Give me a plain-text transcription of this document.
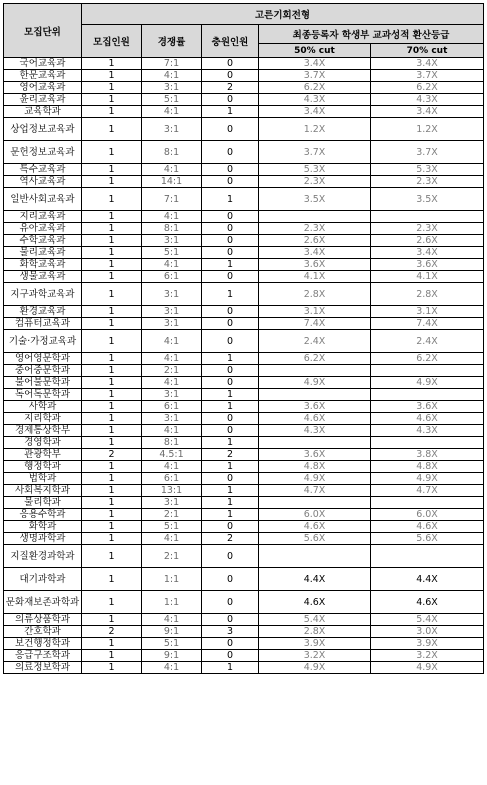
모집단위	고른기회전형				
	모집인원	경쟁률	충원인원	최종등록자 학생부 교과성적 환산등급	
				50% cut	70% cut
국어교육과	1	7:1	0	3.4X	3.4X
한문교육과	1	4:1	0	3.7X	3.7X
영어교육과	1	3:1	2	6.2X	6.2X
윤리교육과	1	5:1	0	4.3X	4.3X
교육학과	1	4:1	1	3.4X	3.4X
상업정보교육과	1	3:1	0	1.2X	1.2X
문헌정보교육과	1	8:1	0	3.7X	3.7X
특수교육과	1	4:1	0	5.3X	5.3X
역사교육과	1	14:1	0	2.3X	2.3X
일반사회교육과	1	7:1	1	3.5X	3.5X
지리교육과	1	4:1	0		
유아교육과	1	8:1	0	2.3X	2.3X
수학교육과	1	3:1	0	2.6X	2.6X
물리교육과	1	5:1	0	3.4X	3.4X
화학교육과	1	4:1	1	3.6X	3.6X
생물교육과	1	6:1	0	4.1X	4.1X
지구과학교육과	1	3:1	1	2.8X	2.8X
환경교육과	1	3:1	0	3.1X	3.1X
컴퓨터교육과	1	3:1	0	7.4X	7.4X
기술·가정교육과	1	4:1	0	2.4X	2.4X
영어영문학과	1	4:1	1	6.2X	6.2X
중어중문학과	1	2:1	0		
불어불문학과	1	4:1	0	4.9X	4.9X
독어독문학과	1	3:1	1		
사학과	1	6:1	1	3.6X	3.6X
지리학과	1	3:1	0	4.6X	4.6X
경제통상학부	1	4:1	0	4.3X	4.3X
경영학과	1	8:1	1		
관광학부	2	4.5:1	2	3.6X	3.8X
행정학과	1	4:1	1	4.8X	4.8X
법학과	1	6:1	0	4.9X	4.9X
사회복지학과	1	13:1	1	4.7X	4.7X
물리학과	1	3:1	1		
응용수학과	1	2:1	1	6.0X	6.0X
화학과	1	5:1	0	4.6X	4.6X
생명과학과	1	4:1	2	5.6X	5.6X
지질환경과학과	1	2:1	0		
대기과학과	1	1:1	0	4.4X	4.4X
문화재보존과학과	1	1:1	0	4.6X	4.6X
의류상품학과	1	4:1	0	5.4X	5.4X
간호학과	2	9:1	3	2.8X	3.0X
보건행정학과	1	5:1	0	3.9X	3.9X
응급구조학과	1	9:1	0	3.2X	3.2X
의료정보학과	1	4:1	1	4.9X	4.9X
